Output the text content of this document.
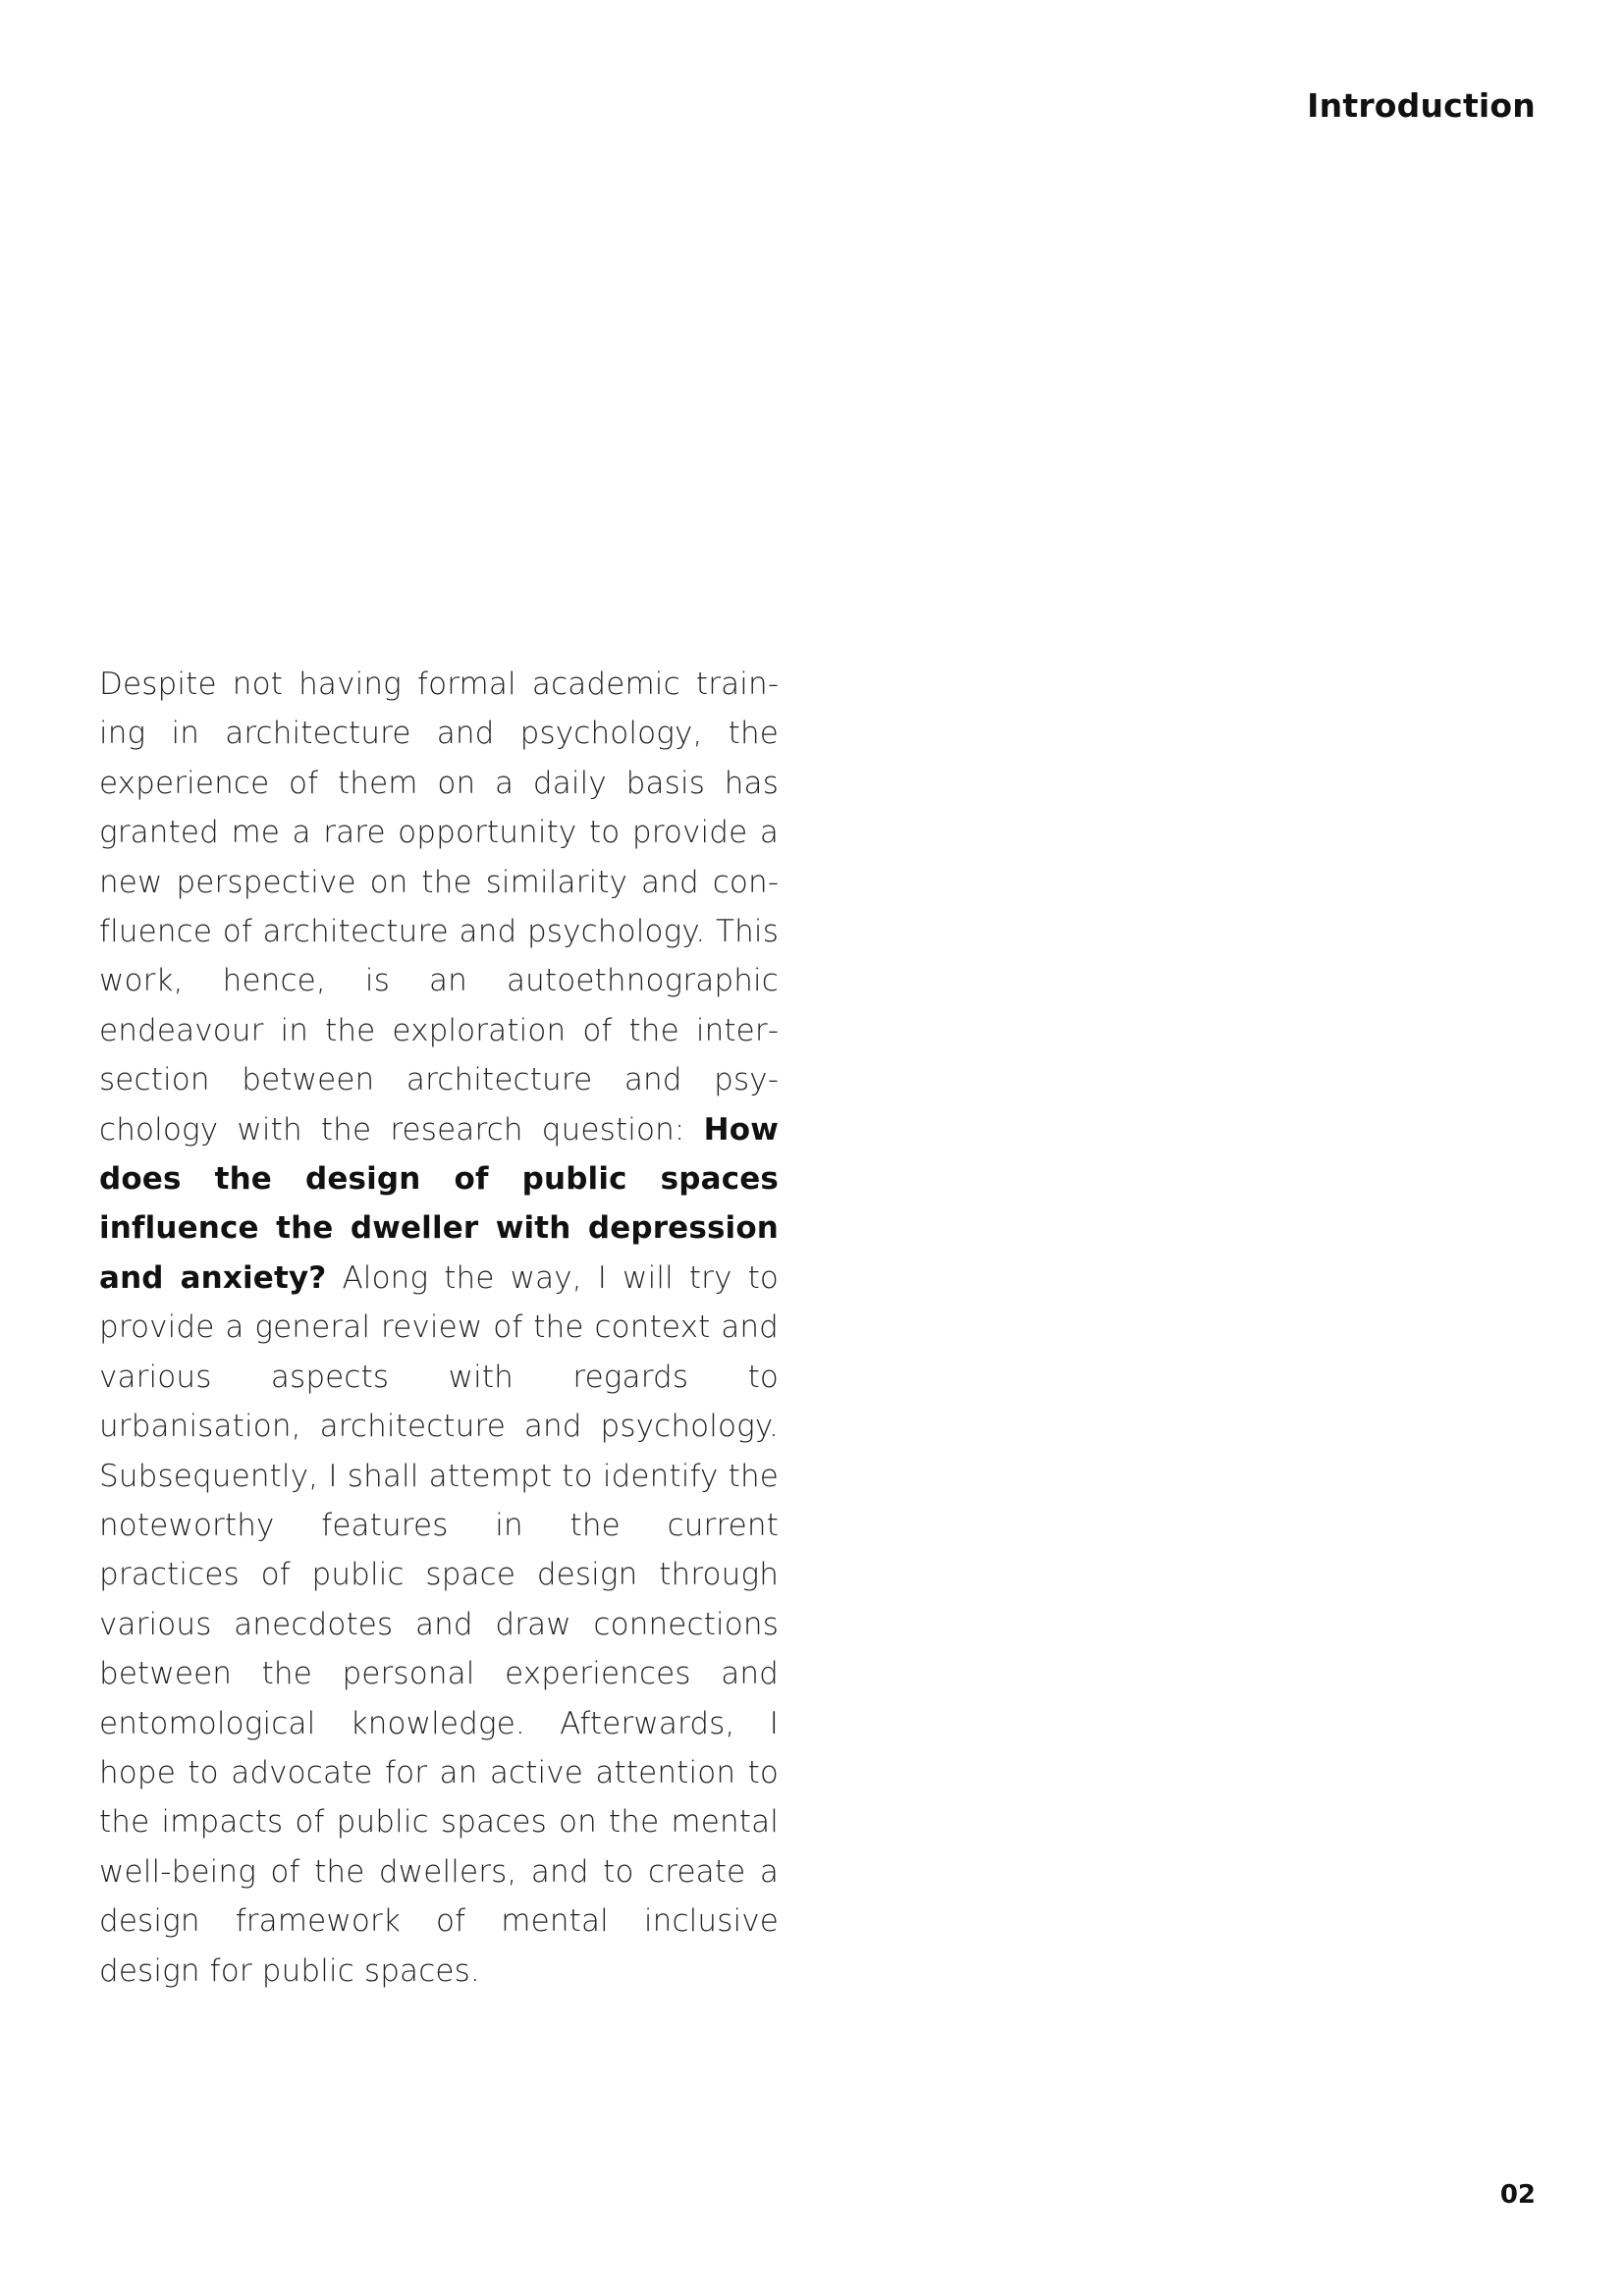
Introduction
Despite not having formal academic training in architecture and psychology, the experience of them on a daily basis has granted me a rare opportunity to provide a new perspective on the similarity and confluence of architecture and psychology. This work, hence, is an autoethnographic endeavour in the exploration of the intersection between architecture and psychology with the research question: How does the design of public spaces influence the dweller with depression and anxiety? Along the way, I will try to provide a general review of the context and various aspects with regards to urbanisation, architecture and psychology. Subsequently, I shall attempt to identify the noteworthy features in the current practices of public space design through various anecdotes and draw connections between the personal experiences and entomological knowledge. Afterwards, I hope to advocate for an active attention to the impacts of public spaces on the mental well-being of the dwellers, and to create a design framework of mental inclusive design for public spaces.
02
